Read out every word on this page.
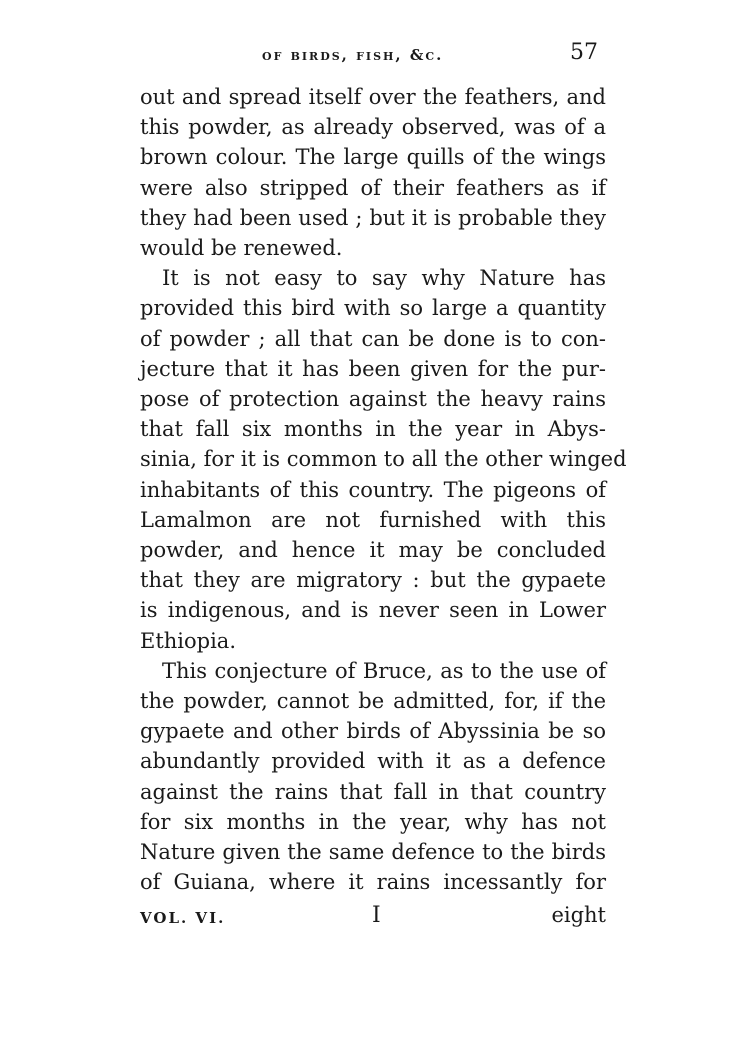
of birds, fish, &c.	57
out and spread itself over the feathers, and
this powder, as already observed, was of a
brown colour. The large quills of the wings
were also stripped of their feathers as if
they had been used ; but it is probable they
would be renewed.
It is not easy to say why Nature has
provided this bird with so large a quantity
of powder ; all that can be done is to con-
jecture that it has been given for the pur-
pose of protection against the heavy rains
that fall six months in the year in Abys-
sinia, for it is common to all the other winged
inhabitants of this country. The pigeons of
Lamalmon are not furnished with this
powder, and hence it may be concluded
that they are migratory : but the gypaete
is indigenous, and is never seen in Lower
Ethiopia.
This conjecture of Bruce, as to the use of
the powder, cannot be admitted, for, if the
gypaete and other birds of Abyssinia be so
abundantly provided with it as a defence
against the rains that fall in that country
for six months in the year, why has not
Nature given the same defence to the birds
of Guiana, where it rains incessantly for
VOL. VI.	I	eight
